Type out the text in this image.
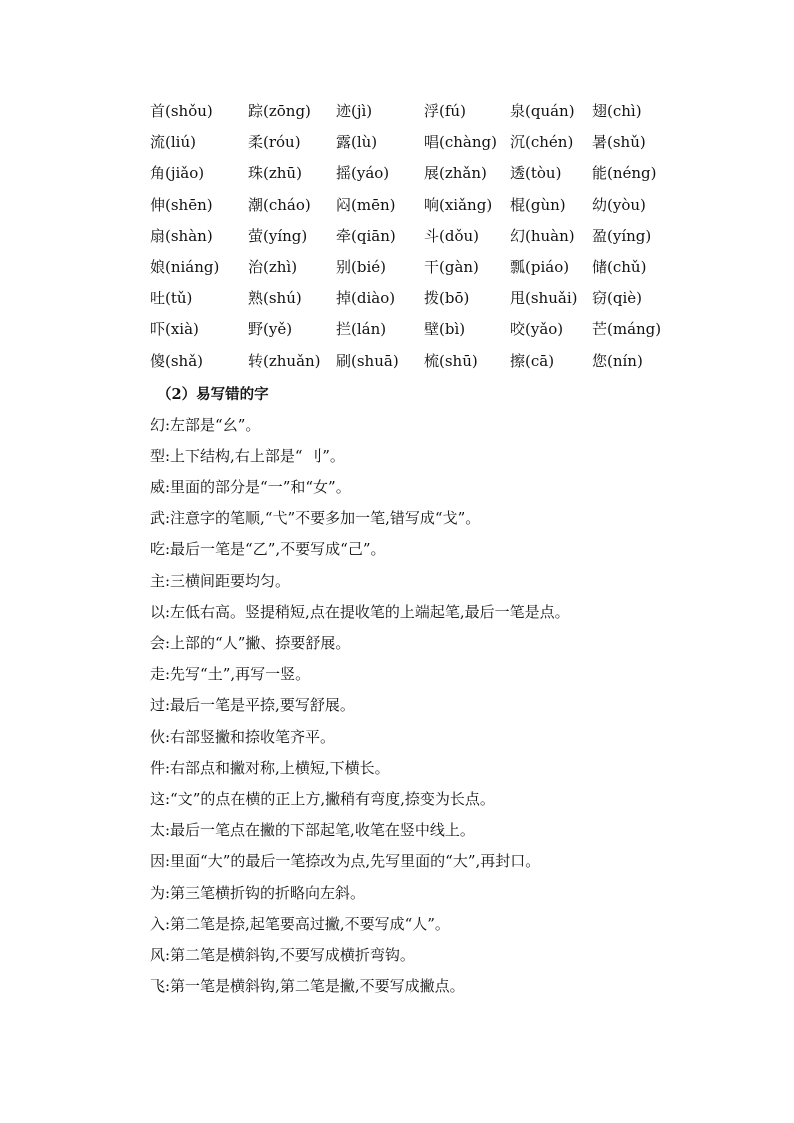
首(shǒu)	踪(zōng)	迹(jì)	浮(fú)	泉(quán)	翅(chì)
流(liú)	柔(róu)	露(lù)	唱(chàng) 沉(chén)	暑(shǔ)
角(jiǎo)	珠(zhū)	摇(yáo)	展(zhǎn)	透(tòu)	能(néng)
伸(shēn)	潮(cháo)	闷(mēn)	响(xiǎng)	棍(gùn)	幼(yòu)
扇(shàn)	萤(yíng)	牵(qiān)	斗(dǒu)	幻(huàn)	盈(yíng)
娘(niáng)	治(zhì)	别(bié)	干(gàn)	瓢(piáo)	储(chǔ)
吐(tǔ)	熟(shú)	掉(diào)	拨(bō)	甩(shuǎi) 窃(qiè)
吓(xià)	野(yě)	拦(lán)	壁(bì)	咬(yǎo)	芒(máng)
傻(shǎ)	转(zhuǎn)	刷(shuā)	梳(shū)	擦(cā)	您(nín)
（2）易写错的字
幻:左部是“幺”。
型:上下结构,右上部是“ 刂”。
威:里面的部分是“一”和“女”。
武:注意字的笔顺,“弋”不要多加一笔,错写成“戈”。
吃:最后一笔是“乙”,不要写成“己”。
主:三横间距要均匀。
以:左低右高。竖提稍短,点在提收笔的上端起笔,最后一笔是点。
会:上部的“人”撇、捺要舒展。
走:先写“土”,再写一竖。
过:最后一笔是平捺,要写舒展。
伙:右部竖撇和捺收笔齐平。
件:右部点和撇对称,上横短,下横长。
这:“文”的点在横的正上方,撇稍有弯度,捺变为长点。
太:最后一笔点在撇的下部起笔,收笔在竖中线上。
因:里面“大”的最后一笔捺改为点,先写里面的“大”,再封口。
为:第三笔横折钩的折略向左斜。
入:第二笔是捺,起笔要高过撇,不要写成“人”。
风:第二笔是横斜钩,不要写成横折弯钩。
飞:第一笔是横斜钩,第二笔是撇,不要写成撇点。
